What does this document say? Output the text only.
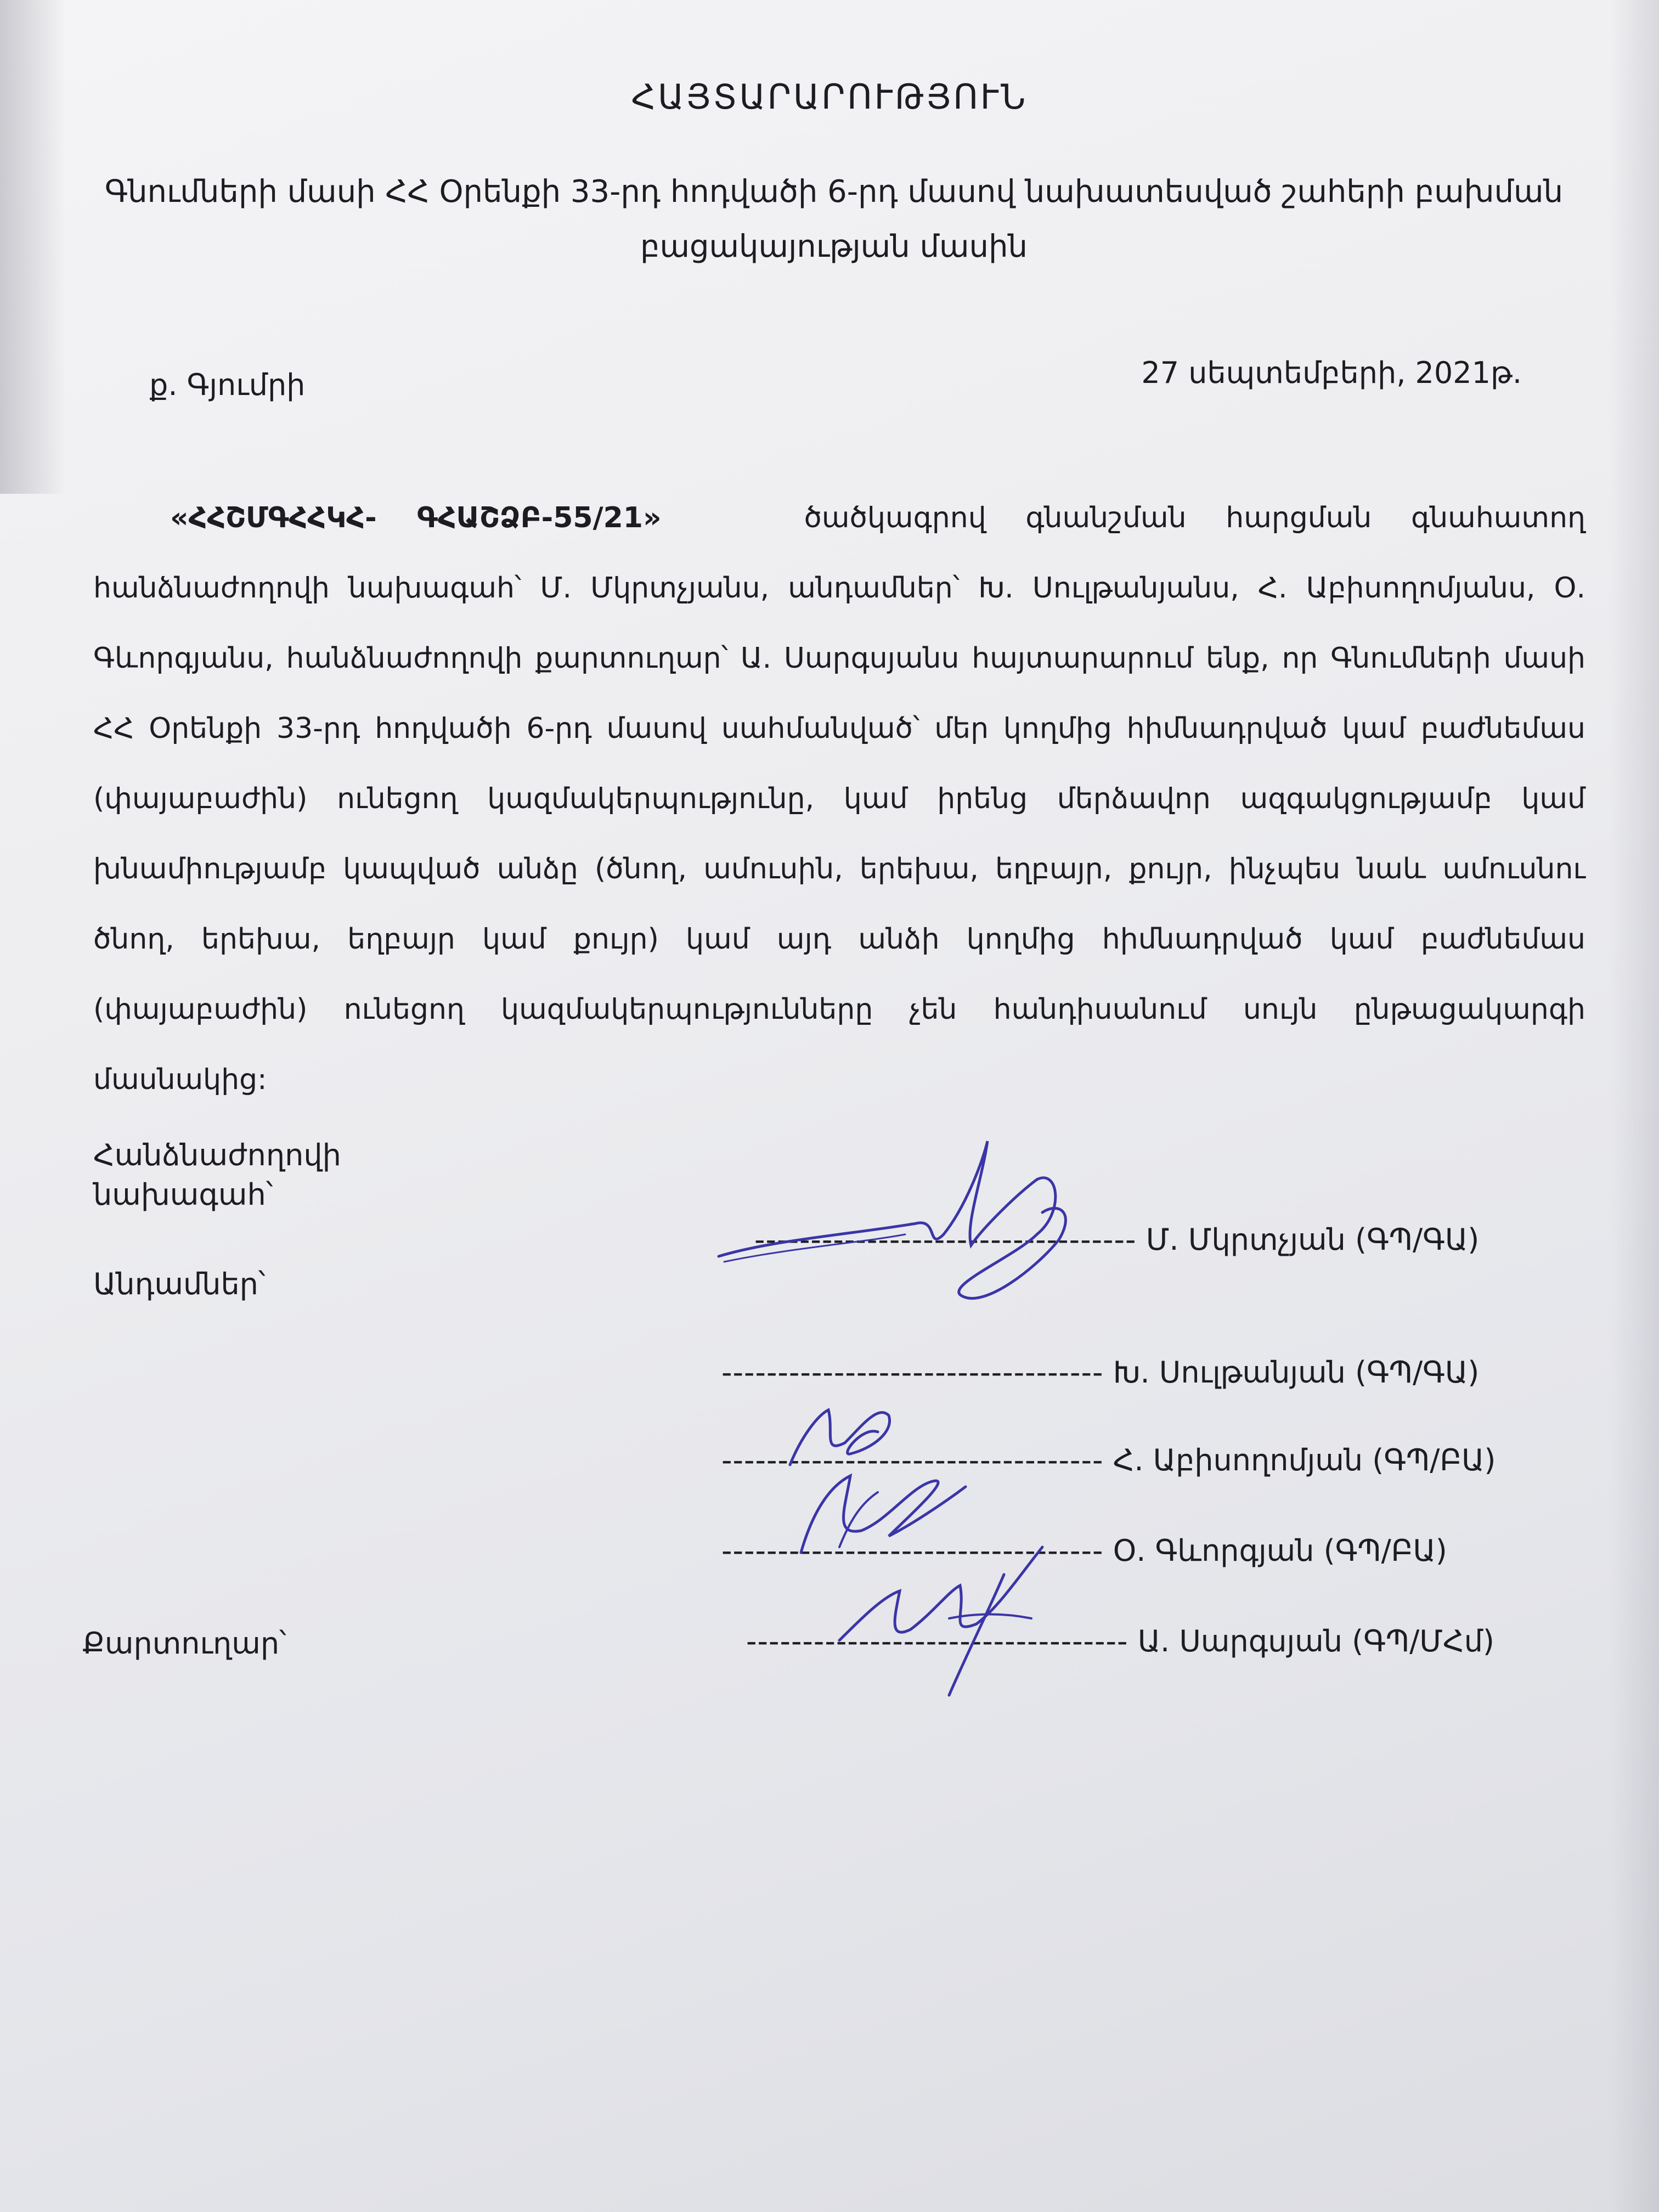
ՀԱՅՏԱՐԱՐՈՒԹՅՈՒՆ
Գնումների մասի ՀՀ Օրենքի 33-րդ հոդվածի 6-րդ մասով նախատեսված շահերի բախման բացակայության մասին
ք. Գյումրի	27 սեպտեմբերի, 2021թ.
«ՀՀՇՄԳՀՀԿՀ- ԳՀԱՇՁԲ-55/21»	ծածկագրով գնանշման հարցման գնահատող հանձնաժողովի նախագահ՝ Մ. Մկրտչյանս, անդամներ՝ Խ. Սուլթանյանս, Հ. Աբիսողոմյանս, Օ. Գևորգյանս, հանձնաժողովի քարտուղար՝ Ա. Սարգսյանս հայտարարում ենք, որ Գնումների մասի ՀՀ Օրենքի 33-րդ հոդվածի 6-րդ մասով սահմանված՝ մեր կողմից հիմնադրված կամ բաժնեմաս (փայաբաժին) ունեցող կազմակերպությունը, կամ իրենց մերձավոր ազգակցությամբ կամ խնամիությամբ կապված անձը (ծնող, ամուսին, երեխա, եղբայր, քույր, ինչպես նաև ամուսնու ծնող, երեխա, եղբայր կամ քույր) կամ այդ անձի կողմից հիմնադրված կամ բաժնեմաս (փայաբաժին) ունեցող կազմակերպությունները չեն հանդիսանում սույն ընթացակարգի մասնակից:
Հանձնաժողովի
նախագահ՝
Անդամներ՝
Քարտուղար՝
---------------------------------- Մ. Մկրտչյան (ԳՊ/ԳԱ)
---------------------------------- Խ. Սուլթանյան (ԳՊ/ԳԱ)
---------------------------------- Հ. Աբիսողոմյան (ԳՊ/ԲԱ)
---------------------------------- Օ. Գևորգյան (ԳՊ/ԲԱ)
---------------------------------- Ա. Սարգսյան (ԳՊ/ՄՀմ)
